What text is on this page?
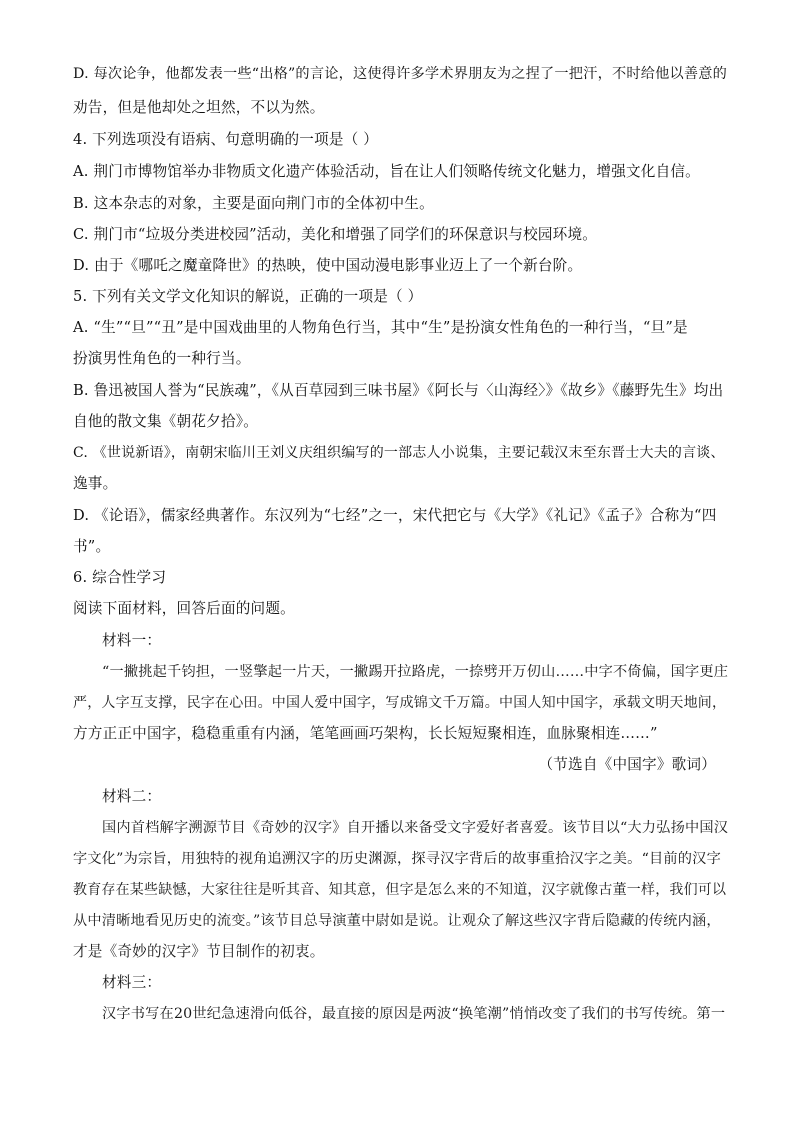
D. 每次论争，他都发表一些“出格”的言论，这使得许多学术界朋友为之捏了一把汗，不时给他以善意的
劝告，但是他却处之坦然，不以为然。
4. 下列选项没有语病、句意明确的一项是（ ）
A. 荆门市博物馆举办非物质文化遗产体验活动，旨在让人们领略传统文化魅力，增强文化自信。
B. 这本杂志的对象，主要是面向荆门市的全体初中生。
C. 荆门市“垃圾分类进校园”活动，美化和增强了同学们的环保意识与校园环境。
D. 由于《哪吒之魔童降世》的热映，使中国动漫电影事业迈上了一个新台阶。
5. 下列有关文学文化知识的解说，正确的一项是（ ）
A. “生”“旦”“丑”是中国戏曲里的人物角色行当，其中“生”是扮演女性角色的一种行当，“旦”是
扮演男性角色的一种行当。
B. 鲁迅被国人誉为“民族魂”，《从百草园到三味书屋》《阿长与〈山海经〉》《故乡》《藤野先生》均出
自他的散文集《朝花夕拾》。
C. 《世说新语》，南朝宋临川王刘义庆组织编写的一部志人小说集，主要记载汉末至东晋士大夫的言谈、
逸事。
D. 《论语》，儒家经典著作。东汉列为“七经”之一，宋代把它与《大学》《礼记》《孟子》合称为“四
书”。
6. 综合性学习
阅读下面材料，回答后面的问题。
材料一：
“一撇挑起千钧担，一竖擎起一片天，一撇踢开拉路虎，一捺劈开万仞山……中字不倚偏，国字更庄
严，人字互支撑，民字在心田。中国人爱中国字，写成锦文千万篇。中国人知中国字，承载文明天地间，
方方正正中国字，稳稳重重有内涵，笔笔画画巧架构，长长短短聚相连，血脉聚相连……”
（节选自《中国字》歌词）
材料二：
国内首档解字溯源节目《奇妙的汉字》自开播以来备受文字爱好者喜爱。该节目以“大力弘扬中国汉
字文化”为宗旨，用独特的视角追溯汉字的历史渊源，探寻汉字背后的故事重拾汉字之美。“目前的汉字
教育存在某些缺憾，大家往往是听其音、知其意，但字是怎么来的不知道，汉字就像古董一样，我们可以
从中清晰地看见历史的流变。”该节目总导演董中尉如是说。让观众了解这些汉字背后隐藏的传统内涵，
才是《奇妙的汉字》节目制作的初衷。
材料三：
汉字书写在20世纪急速滑向低谷，最直接的原因是两波“换笔潮”悄悄改变了我们的书写传统。第一
